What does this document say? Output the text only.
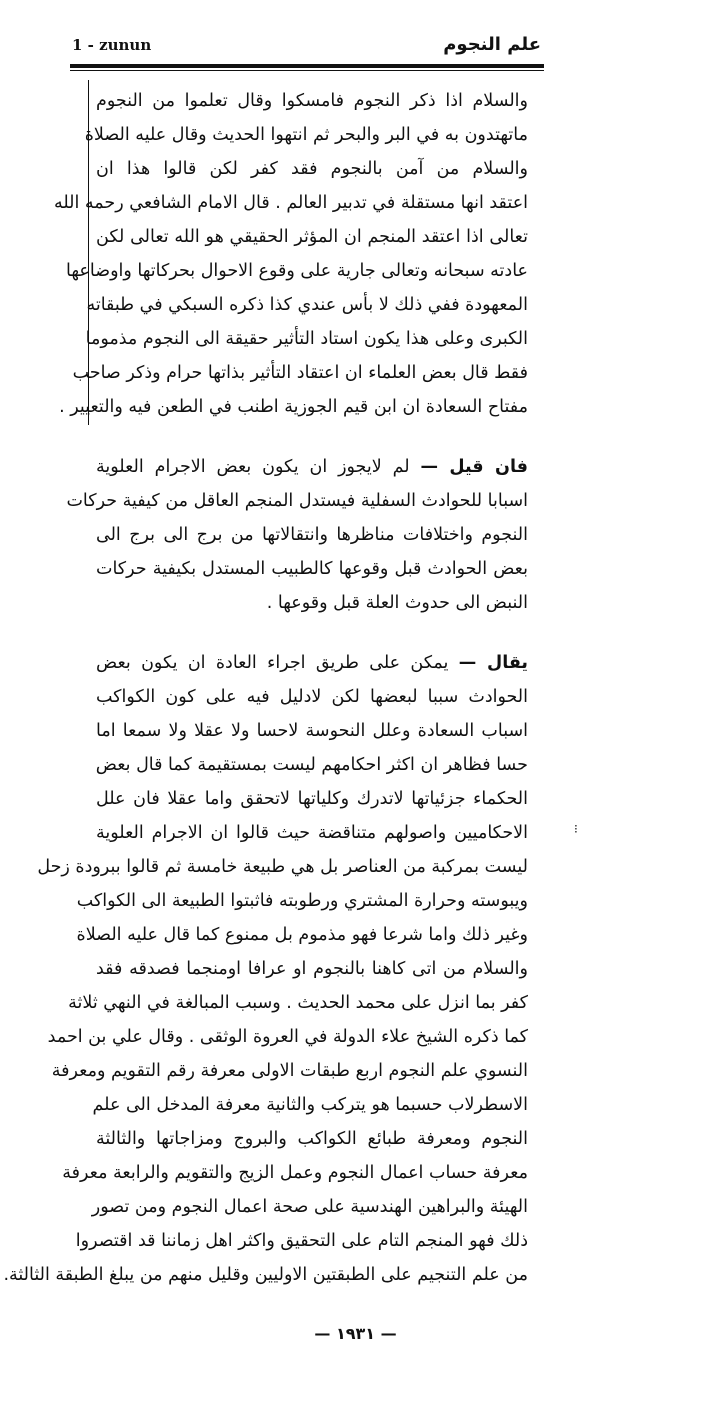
1 - zunun	علم النجوم
⁝
والسلام اذا ذكر النجوم فامسكوا وقال تعلموا من النجوم
ماتهتدون به في البر والبحر ثم انتهوا الحديث وقال عليه الصلاة
والسلام من آمن بالنجوم فقد كفر لكن قالوا هذا ان
اعتقد انها مستقلة في تدبير العالم . قال الامام الشافعي رحمه الله
تعالى اذا اعتقد المنجم ان المؤثر الحقيقي هو الله تعالى لكن
عادته سبحانه وتعالى جارية على وقوع الاحوال بحركاتها واوضاعها
المعهودة ففي ذلك لا بأس عندي كذا ذكره السبكي في طبقاته
الكبرى وعلى هذا يكون استاد التأثير حقيقة الى النجوم مذموما
فقط قال بعض العلماء ان اعتقاد التأثير بذاتها حرام وذكر صاحب
مفتاح السعادة ان ابن قيم الجوزية اطنب في الطعن فيه والتعيير .
فان قيل — لم لايجوز ان يكون بعض الاجرام العلوية
اسبابا للحوادث السفلية فيستدل المنجم العاقل من كيفية حركات
النجوم واختلافات مناظرها وانتقالاتها من برج الى برج الى
بعض الحوادث قبل وقوعها كالطبيب المستدل بكيفية حركات
النبض الى حدوث العلة قبل وقوعها .
يقال — يمكن على طريق اجراء العادة ان يكون بعض
الحوادث سببا لبعضها لكن لادليل فيه على كون الكواكب
اسباب السعادة وعلل النحوسة لاحسا ولا عقلا ولا سمعا اما
حسا فظاهر ان اكثر احكامهم ليست بمستقيمة كما قال بعض
الحكماء جزئياتها لاتدرك وكلياتها لاتحقق واما عقلا فان علل
الاحكاميين واصولهم متناقضة حيث قالوا ان الاجرام العلوية
ليست بمركبة من العناصر بل هي طبيعة خامسة ثم قالوا ببرودة زحل
ويبوسته وحرارة المشتري ورطوبته فاثبتوا الطبيعة الى الكواكب
وغير ذلك واما شرعا فهو مذموم بل ممنوع كما قال عليه الصلاة
والسلام من اتى كاهنا بالنجوم او عرافا اومنجما فصدقه فقد
كفر بما انزل على محمد الحديث . وسبب المبالغة في النهي ثلاثة
كما ذكره الشيخ علاء الدولة في العروة الوثقى . وقال علي بن احمد
النسوي علم النجوم اربع طبقات الاولى معرفة رقم التقويم ومعرفة
الاسطرلاب حسبما هو يتركب والثانية معرفة المدخل الى علم
النجوم ومعرفة طبائع الكواكب والبروج ومزاجاتها والثالثة
معرفة حساب اعمال النجوم وعمل الزيج والتقويم والرابعة معرفة
الهيئة والبراهين الهندسية على صحة اعمال النجوم ومن تصور
ذلك فهو المنجم التام على التحقيق واكثر اهل زماننا قد اقتصروا
من علم التنجيم على الطبقتين الاوليين وقليل منهم من يبلغ الطبقة الثالثة.
— ١٩٣١ —
